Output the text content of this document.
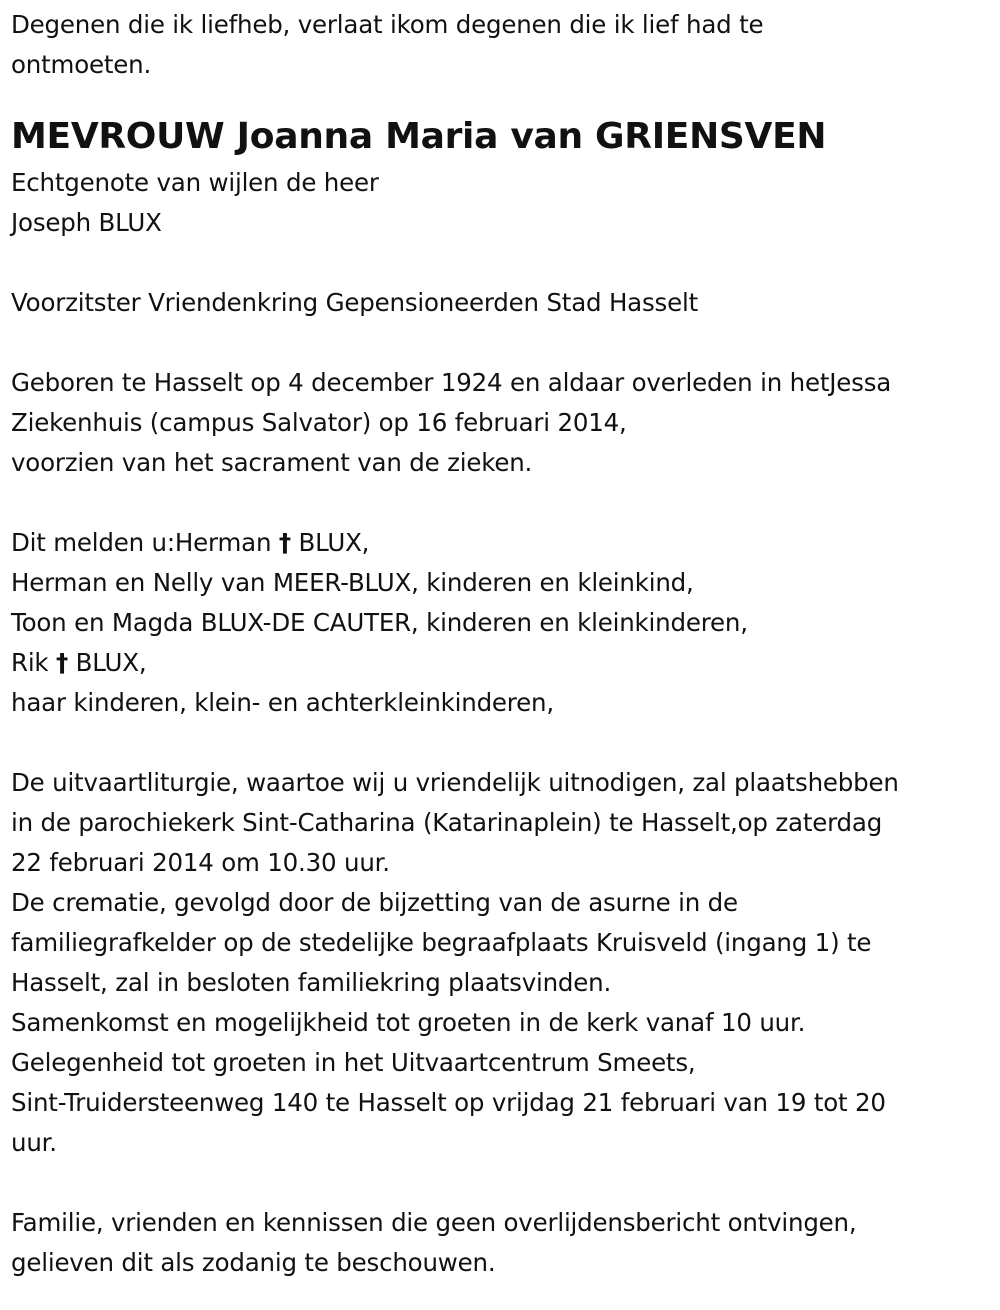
Degenen die ik liefheb, verlaat ikom degenen die ik lief had te
ontmoeten.
MEVROUW Joanna Maria van GRIENSVEN
Echtgenote van wijlen de heer
Joseph BLUX
Voorzitster Vriendenkring Gepensioneerden Stad Hasselt
Geboren te Hasselt op 4 december 1924 en aldaar overleden in hetJessa
Ziekenhuis (campus Salvator) op 16 februari 2014,
voorzien van het sacrament van de zieken.
Dit melden u:Herman † BLUX,
Herman en Nelly van MEER-BLUX, kinderen en kleinkind,
Toon en Magda BLUX-DE CAUTER, kinderen en kleinkinderen,
Rik † BLUX,
haar kinderen, klein- en achterkleinkinderen,
De uitvaartliturgie, waartoe wij u vriendelijk uitnodigen, zal plaatshebben
in de parochiekerk Sint-Catharina (Katarinaplein) te Hasselt,op zaterdag
22 februari 2014 om 10.30 uur.
De crematie, gevolgd door de bijzetting van de asurne in de
familiegrafkelder op de stedelijke begraafplaats Kruisveld (ingang 1) te
Hasselt, zal in besloten familiekring plaatsvinden.
Samenkomst en mogelijkheid tot groeten in de kerk vanaf 10 uur.
Gelegenheid tot groeten in het Uitvaartcentrum Smeets,
Sint-Truidersteenweg 140 te Hasselt op vrijdag 21 februari van 19 tot 20
uur.
Familie, vrienden en kennissen die geen overlijdensbericht ontvingen,
gelieven dit als zodanig te beschouwen.
